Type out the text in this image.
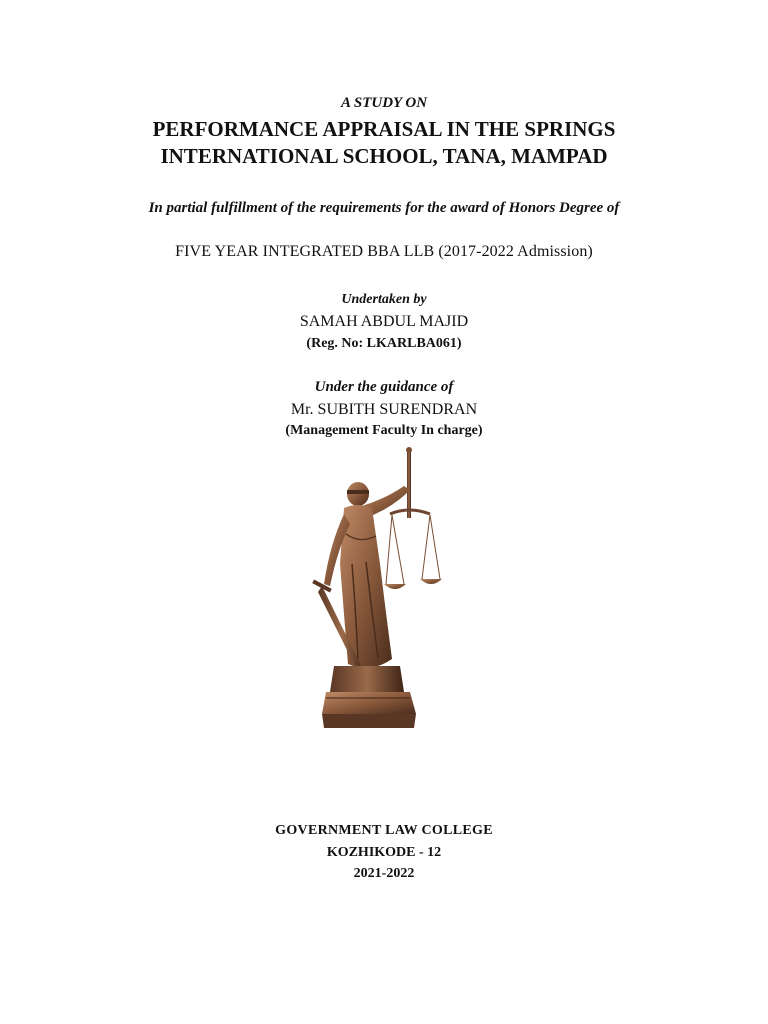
A STUDY ON
PERFORMANCE APPRAISAL IN THE SPRINGS
INTERNATIONAL SCHOOL, TANA, MAMPAD
In partial fulfillment of the requirements for the award of Honors Degree of
FIVE YEAR INTEGRATED BBA LLB (2017-2022 Admission)
Undertaken by
SAMAH ABDUL MAJID
(Reg. No: LKARLBA061)
Under the guidance of
Mr. SUBITH SURENDRAN
(Management Faculty In charge)
GOVERNMENT LAW COLLEGE
KOZHIKODE - 12
2021-2022
